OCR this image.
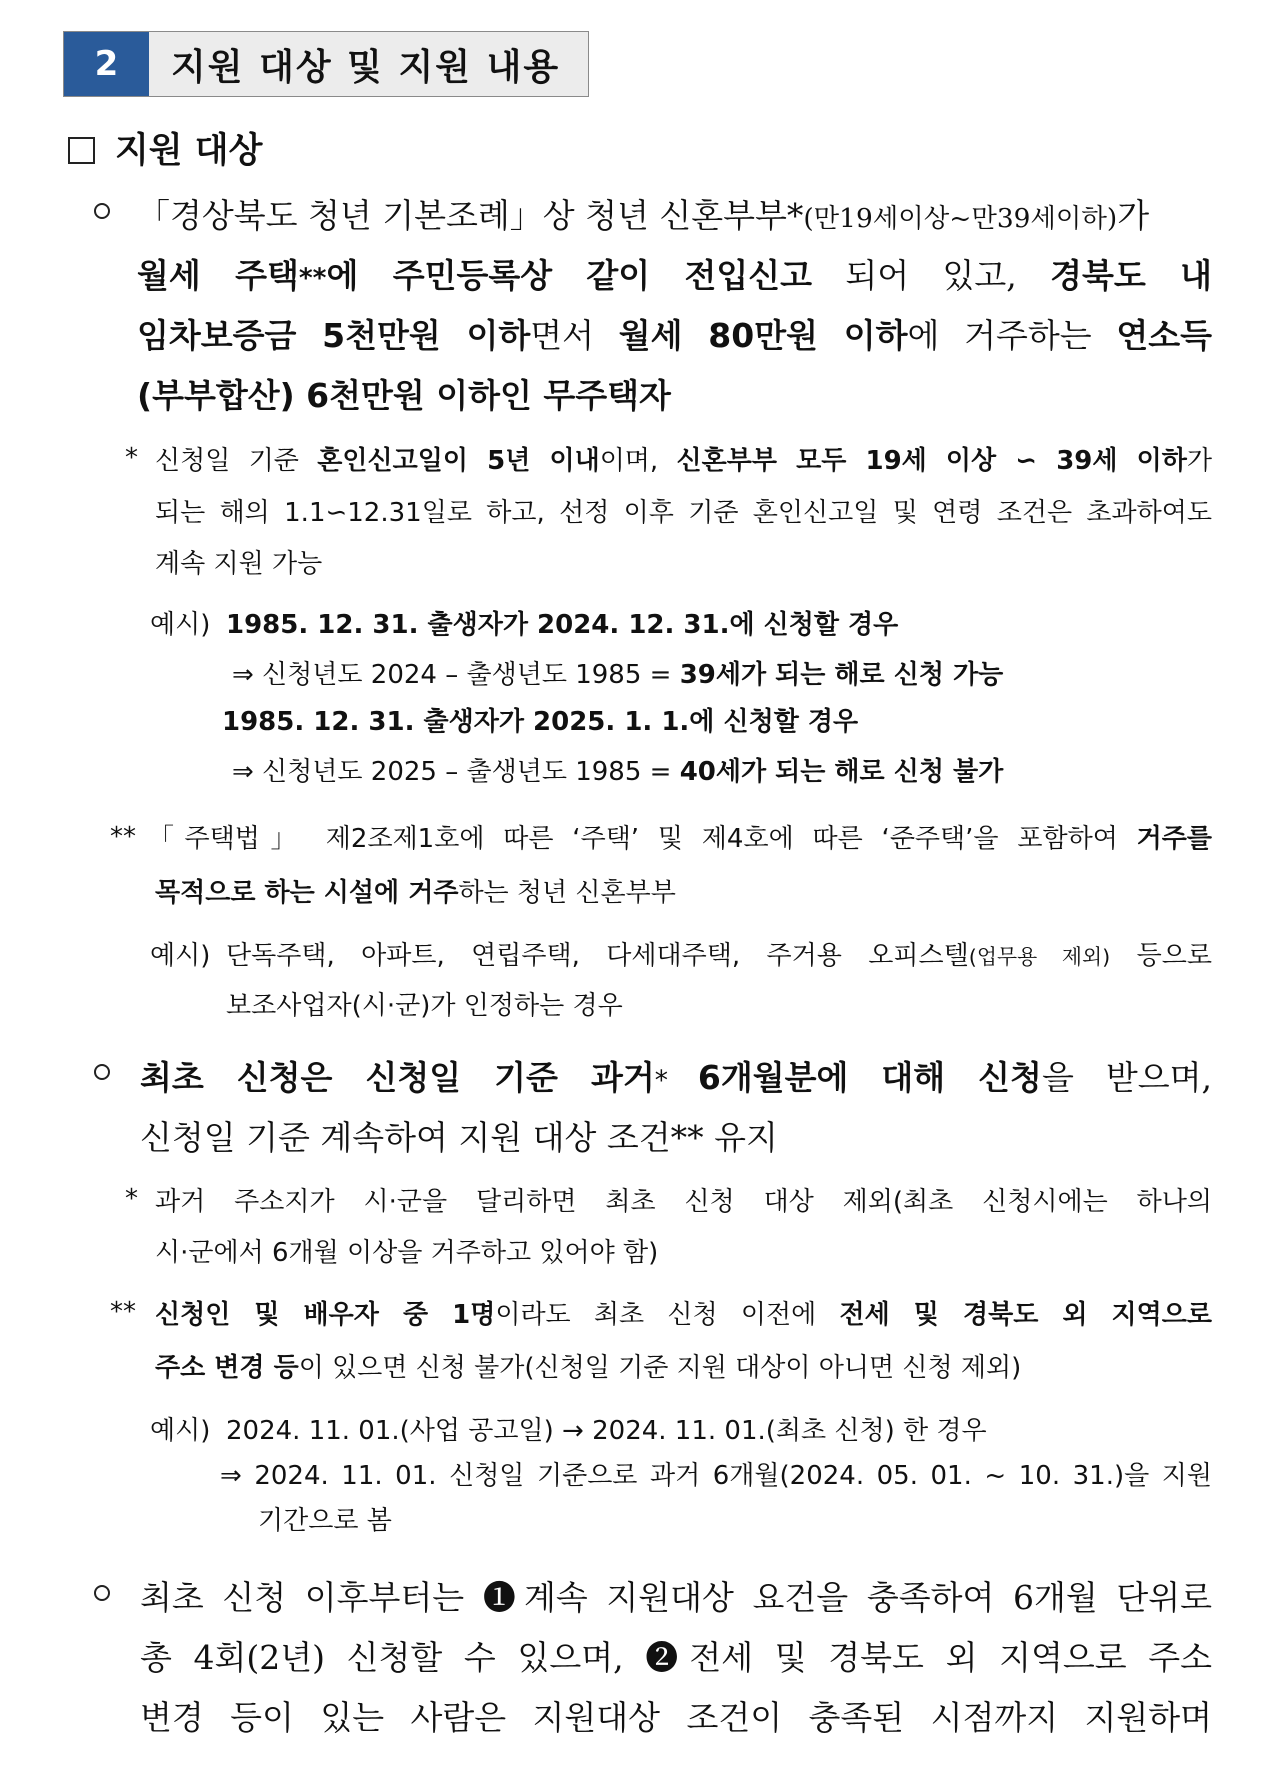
2	지원 대상 및 지원 내용
지원 대상
「경상북도 청년 기본조례」상 청년 신혼부부*(만19세이상~만39세이하)가
월세 주택**에 주민등록상 같이 전입신고 되어 있고, 경북도 내
임차보증금 5천만원 이하면서 월세 80만원 이하에 거주하는 연소득
(부부합산) 6천만원 이하인 무주택자
* 신청일 기준 혼인신고일이 5년 이내이며, 신혼부부 모두 19세 이상 ∽ 39세 이하가
되는 해의 1.1∽12.31일로 하고, 선정 이후 기준 혼인신고일 및 연령 조건은 초과하여도
계속 지원 가능
예시) 1985. 12. 31. 출생자가 2024. 12. 31.에 신청할 경우
⇒ 신청년도 2024 – 출생년도 1985 = 39세가 되는 해로 신청 가능
1985. 12. 31. 출생자가 2025. 1. 1.에 신청할 경우
⇒ 신청년도 2025 – 출생년도 1985 = 40세가 되는 해로 신청 불가
** 「주택법」 제2조제1호에 따른 ‘주택’ 및 제4호에 따른 ‘준주택’을 포함하여 거주를
목적으로 하는 시설에 거주하는 청년 신혼부부
예시) 단독주택, 아파트, 연립주택, 다세대주택, 주거용 오피스텔(업무용 제외) 등으로
보조사업자(시·군)가 인정하는 경우
최초 신청은 신청일 기준 과거* 6개월분에 대해 신청을 받으며,
신청일 기준 계속하여 지원 대상 조건** 유지
* 과거 주소지가 시·군을 달리하면 최초 신청 대상 제외(최초 신청시에는 하나의
시·군에서 6개월 이상을 거주하고 있어야 함)
** 신청인 및 배우자 중 1명이라도 최초 신청 이전에 전세 및 경북도 외 지역으로
주소 변경 등이 있으면 신청 불가(신청일 기준 지원 대상이 아니면 신청 제외)
예시) 2024. 11. 01.(사업 공고일) → 2024. 11. 01.(최초 신청) 한 경우
⇒ 2024. 11. 01. 신청일 기준으로 과거 6개월(2024. 05. 01. ~ 10. 31.)을 지원
기간으로 봄
최초 신청 이후부터는 ❶계속 지원대상 요건을 충족하여 6개월 단위로
총 4회(2년) 신청할 수 있으며, ❷전세 및 경북도 외 지역으로 주소
변경 등이 있는 사람은 지원대상 조건이 충족된 시점까지 지원하며
